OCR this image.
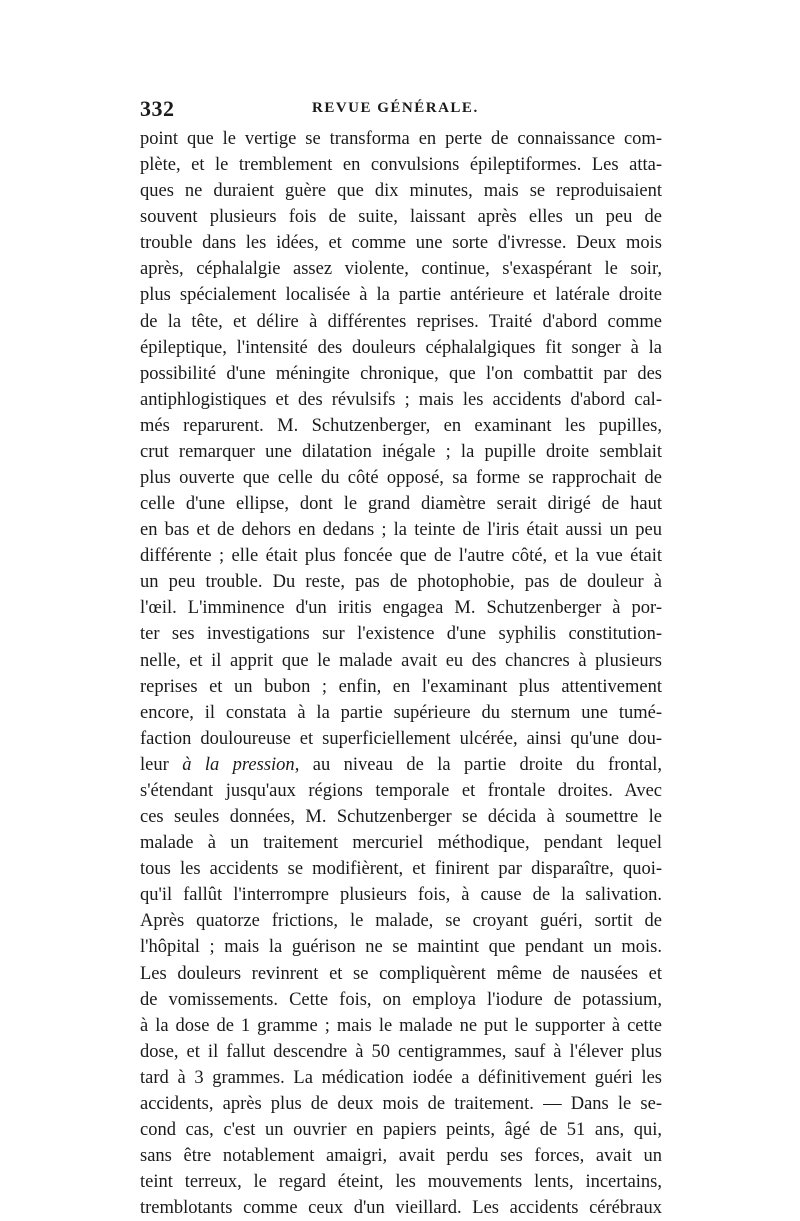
332	REVUE GÉNÉRALE.
point que le vertige se transforma en perte de connaissance com-
plète, et le tremblement en convulsions épileptiformes. Les atta-
ques ne duraient guère que dix minutes, mais se reproduisaient
souvent plusieurs fois de suite, laissant après elles un peu de
trouble dans les idées, et comme une sorte d'ivresse. Deux mois
après, céphalalgie assez violente, continue, s'exaspérant le soir,
plus spécialement localisée à la partie antérieure et latérale droite
de la tête, et délire à différentes reprises. Traité d'abord comme
épileptique, l'intensité des douleurs céphalalgiques fit songer à la
possibilité d'une méningite chronique, que l'on combattit par des
antiphlogistiques et des révulsifs ; mais les accidents d'abord cal-
més reparurent. M. Schutzenberger, en examinant les pupilles,
crut remarquer une dilatation inégale ; la pupille droite semblait
plus ouverte que celle du côté opposé, sa forme se rapprochait de
celle d'une ellipse, dont le grand diamètre serait dirigé de haut
en bas et de dehors en dedans ; la teinte de l'iris était aussi un peu
différente ; elle était plus foncée que de l'autre côté, et la vue était
un peu trouble. Du reste, pas de photophobie, pas de douleur à
l'œil. L'imminence d'un iritis engagea M. Schutzenberger à por-
ter ses investigations sur l'existence d'une syphilis constitution-
nelle, et il apprit que le malade avait eu des chancres à plusieurs
reprises et un bubon ; enfin, en l'examinant plus attentivement
encore, il constata à la partie supérieure du sternum une tumé-
faction douloureuse et superficiellement ulcérée, ainsi qu'une dou-
leur à la pression, au niveau de la partie droite du frontal,
s'étendant jusqu'aux régions temporale et frontale droites. Avec
ces seules données, M. Schutzenberger se décida à soumettre le
malade à un traitement mercuriel méthodique, pendant lequel
tous les accidents se modifièrent, et finirent par disparaître, quoi-
qu'il fallût l'interrompre plusieurs fois, à cause de la salivation.
Après quatorze frictions, le malade, se croyant guéri, sortit de
l'hôpital ; mais la guérison ne se maintint que pendant un mois.
Les douleurs revinrent et se compliquèrent même de nausées et
de vomissements. Cette fois, on employa l'iodure de potassium,
à la dose de 1 gramme ; mais le malade ne put le supporter à cette
dose, et il fallut descendre à 50 centigrammes, sauf à l'élever plus
tard à 3 grammes. La médication iodée a définitivement guéri les
accidents, après plus de deux mois de traitement. — Dans le se-
cond cas, c'est un ouvrier en papiers peints, âgé de 51 ans, qui,
sans être notablement amaigri, avait perdu ses forces, avait un
teint terreux, le regard éteint, les mouvements lents, incertains,
tremblotants comme ceux d'un vieillard. Les accidents cérébraux
